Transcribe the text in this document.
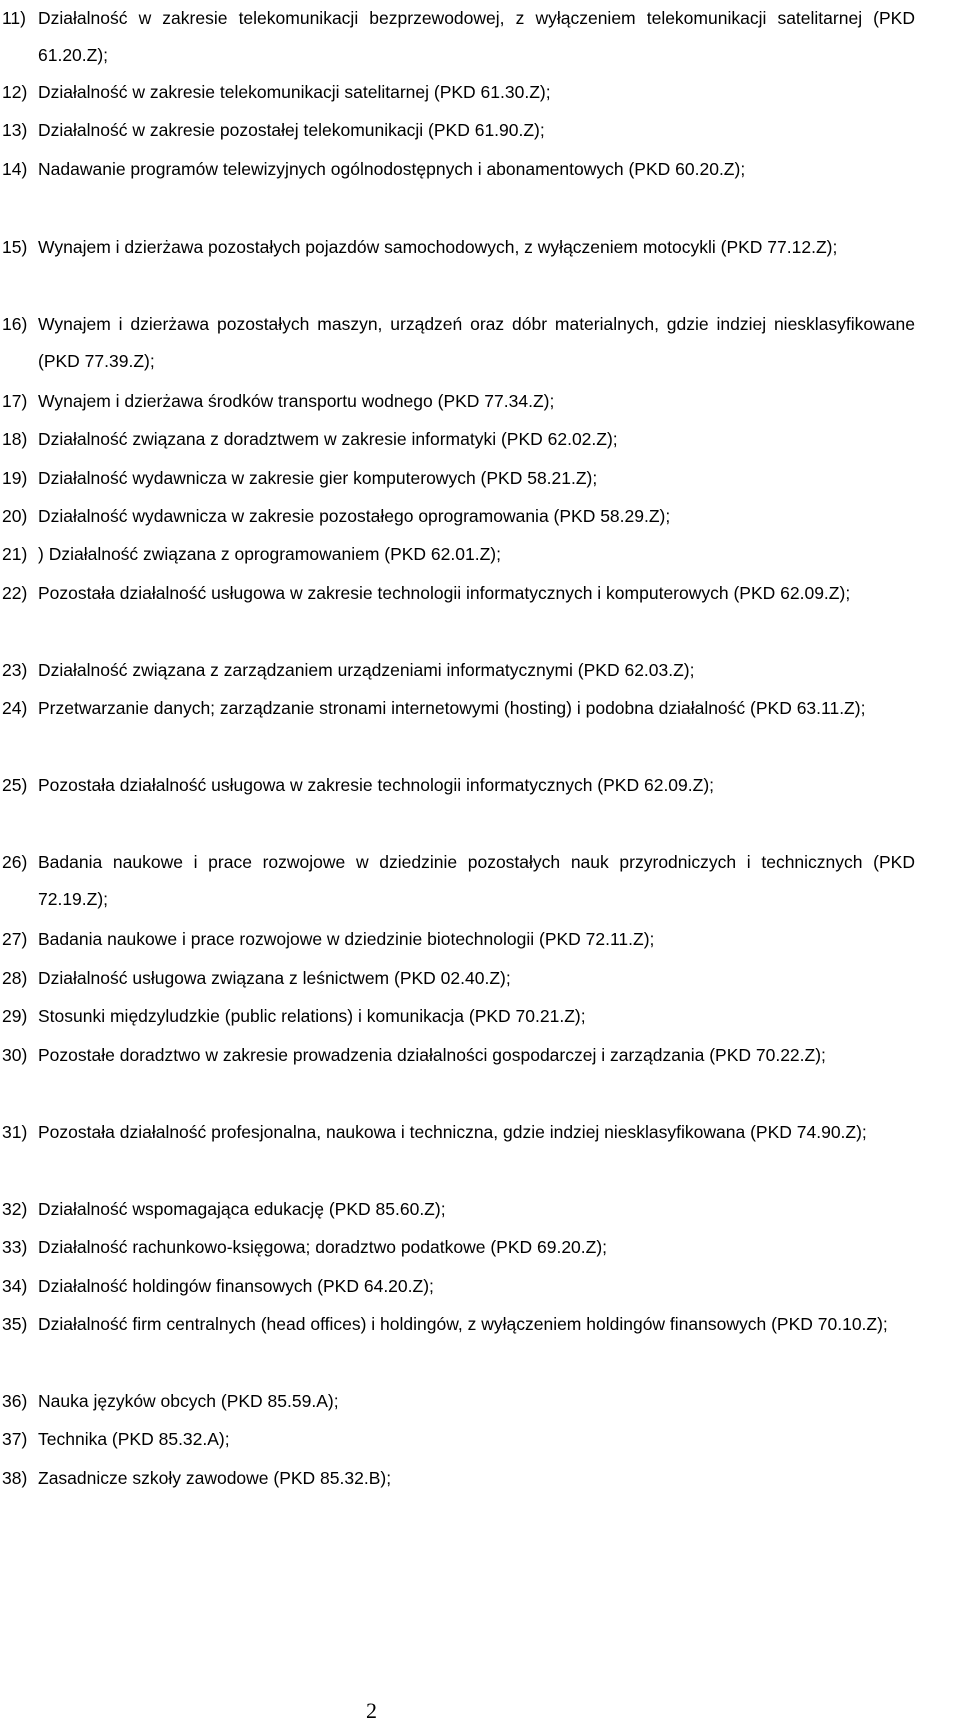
11) Działalność w zakresie telekomunikacji bezprzewodowej, z wyłączeniem telekomunikacji satelitarnej (PKD 61.20.Z);
12) Działalność w zakresie telekomunikacji satelitarnej (PKD 61.30.Z);
13) Działalność w zakresie pozostałej telekomunikacji (PKD 61.90.Z);
14) Nadawanie programów telewizyjnych ogólnodostępnych i abonamentowych (PKD 60.20.Z);
15) Wynajem i dzierżawa pozostałych pojazdów samochodowych, z wyłączeniem motocykli (PKD 77.12.Z);
16) Wynajem i dzierżawa pozostałych maszyn, urządzeń oraz dóbr materialnych, gdzie indziej niesklasyfikowane (PKD 77.39.Z);
17) Wynajem i dzierżawa środków transportu wodnego (PKD 77.34.Z);
18) Działalność związana z doradztwem w zakresie informatyki (PKD 62.02.Z);
19) Działalność wydawnicza w zakresie gier komputerowych (PKD 58.21.Z);
20) Działalność wydawnicza w zakresie pozostałego oprogramowania (PKD 58.29.Z);
21) ) Działalność związana z oprogramowaniem (PKD 62.01.Z);
22) Pozostała działalność usługowa w zakresie technologii informatycznych i komputerowych (PKD 62.09.Z);
23) Działalność związana z zarządzaniem urządzeniami informatycznymi (PKD 62.03.Z);
24) Przetwarzanie danych; zarządzanie stronami internetowymi (hosting) i podobna działalność (PKD 63.11.Z);
25) Pozostała działalność usługowa w zakresie technologii informatycznych (PKD 62.09.Z);
26) Badania naukowe i prace rozwojowe w dziedzinie pozostałych nauk przyrodniczych i technicznych (PKD 72.19.Z);
27) Badania naukowe i prace rozwojowe w dziedzinie biotechnologii (PKD 72.11.Z);
28) Działalność usługowa związana z leśnictwem (PKD 02.40.Z);
29) Stosunki międzyludzkie (public relations) i komunikacja (PKD 70.21.Z);
30) Pozostałe doradztwo w zakresie prowadzenia działalności gospodarczej i zarządzania (PKD 70.22.Z);
31) Pozostała działalność profesjonalna, naukowa i techniczna, gdzie indziej niesklasyfikowana (PKD 74.90.Z);
32) Działalność wspomagająca edukację (PKD 85.60.Z);
33) Działalność rachunkowo-księgowa; doradztwo podatkowe (PKD 69.20.Z);
34) Działalność holdingów finansowych (PKD 64.20.Z);
35) Działalność firm centralnych (head offices) i holdingów, z wyłączeniem holdingów finansowych (PKD 70.10.Z);
36) Nauka języków obcych (PKD 85.59.A);
37) Technika (PKD 85.32.A);
38) Zasadnicze szkoły zawodowe (PKD 85.32.B);
2
